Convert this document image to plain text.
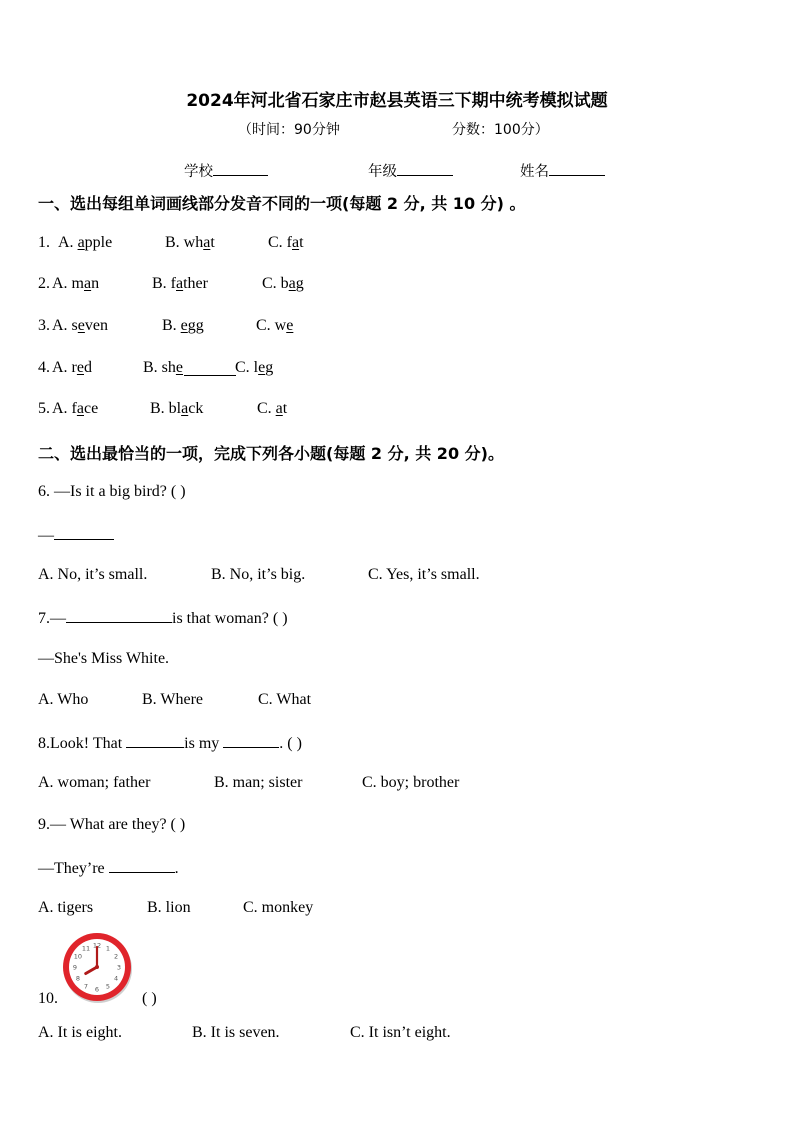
2024年河北省石家庄市赵县英语三下期中统考模拟试题
（时间：90分钟	分数：100分）
学校	年级	姓名
一、选出每组单词画线部分发音不同的一项(每题 2 分, 共 10 分) 。
1. A. apple	B. what	C. fat
2. A. man	B. father	C. bag
3. A. seven	B. egg	C. we
4. A. red	B. she	C. leg
5. A. face	B. black	C. at
二、选出最恰当的一项，完成下列各小题(每题 2 分, 共 20 分)。
6. —Is it a big bird? ( )
—
A. No, it’s small.	B. No, it’s big.	C. Yes, it’s small.
7.—	is that woman? ( )
—She's Miss White.
A. Who	B. Where	C. What
8.Look! That	is my	. ( )
A. woman; father	B. man; sister	C. boy; brother
9.— What are they? ( )
—They’re	.
A. tigers	B. lion	C. monkey
10.
1
2
3
4
5
6
7
8
9
10
11 12
( )
A. It is eight.	B. It is seven.	C. It isn’t eight.
